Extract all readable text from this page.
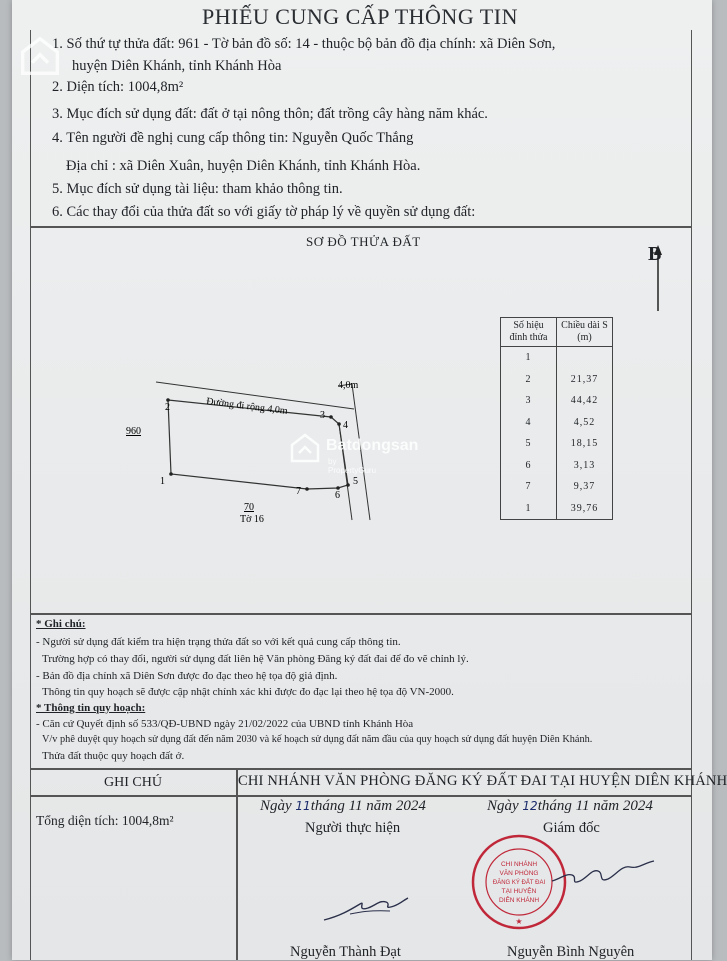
PHIẾU CUNG CẤP THÔNG TIN
1. Số thứ tự thửa đất: 961 - Tờ bản đồ số: 14 - thuộc bộ bản đồ địa chính: xã Diên Sơn,
huyện Diên Khánh, tỉnh Khánh Hòa
2. Diện tích: 1004,8m²
3. Mục đích sử dụng đất: đất ở tại nông thôn; đất trồng cây hàng năm khác.
4. Tên người đề nghị cung cấp thông tin: Nguyễn Quốc Thắng
Địa chỉ : xã Diên Xuân, huyện Diên Khánh, tỉnh Khánh Hòa.
5. Mục đích sử dụng tài liệu: tham khảo thông tin.
6. Các thay đổi của thửa đất so với giấy tờ pháp lý về quyền sử dụng đất:
SƠ ĐỒ THỬA ĐẤT
B
4,0m
Đường đi rộng 4,0m
960
70
Tờ 16
1
2
3
4
5
6
7
Số hiệu đỉnh thửa	Chiều dài S (m)
1	
2	21,37
3	44,42
4	4,52
5	18,15
6	3,13
7	9,37
1	39,76
Batdongsan
by PropertyGuru
* Ghi chú:
- Người sử dụng đất kiểm tra hiện trạng thửa đất so với kết quả cung cấp thông tin.
Trường hợp có thay đổi, người sử dụng đất liên hệ Văn phòng Đăng ký đất đai để đo vẽ chỉnh lý.
- Bản đồ địa chính xã Diên Sơn được đo đạc theo hệ tọa độ giả định.
Thông tin quy hoạch sẽ được cập nhật chính xác khi được đo đạc lại theo hệ tọa độ VN-2000.
* Thông tin quy hoạch:
- Căn cứ Quyết định số 533/QĐ-UBND ngày 21/02/2022 của UBND tỉnh Khánh Hòa
V/v phê duyệt quy hoạch sử dụng đất đến năm 2030 và kế hoạch sử dụng đất năm đầu của quy hoạch sử dụng đất huyện Diên Khánh.
Thửa đất thuộc quy hoạch đất ở.
GHI CHÚ	CHI NHÁNH VĂN PHÒNG ĐĂNG KÝ ĐẤT ĐAI TẠI HUYỆN DIÊN KHÁNH
Tổng diện tích: 1004,8m²
Ngày 11tháng 11 năm 2024	Ngày 12tháng 11 năm 2024
Người thực hiện	Giám đốc
CHI NHÁNH
VĂN PHÒNG
ĐĂNG KÝ ĐẤT ĐAI
TẠI HUYỆN
DIÊN KHÁNH
★
Nguyễn Thành Đạt	Nguyễn Bình Nguyên
